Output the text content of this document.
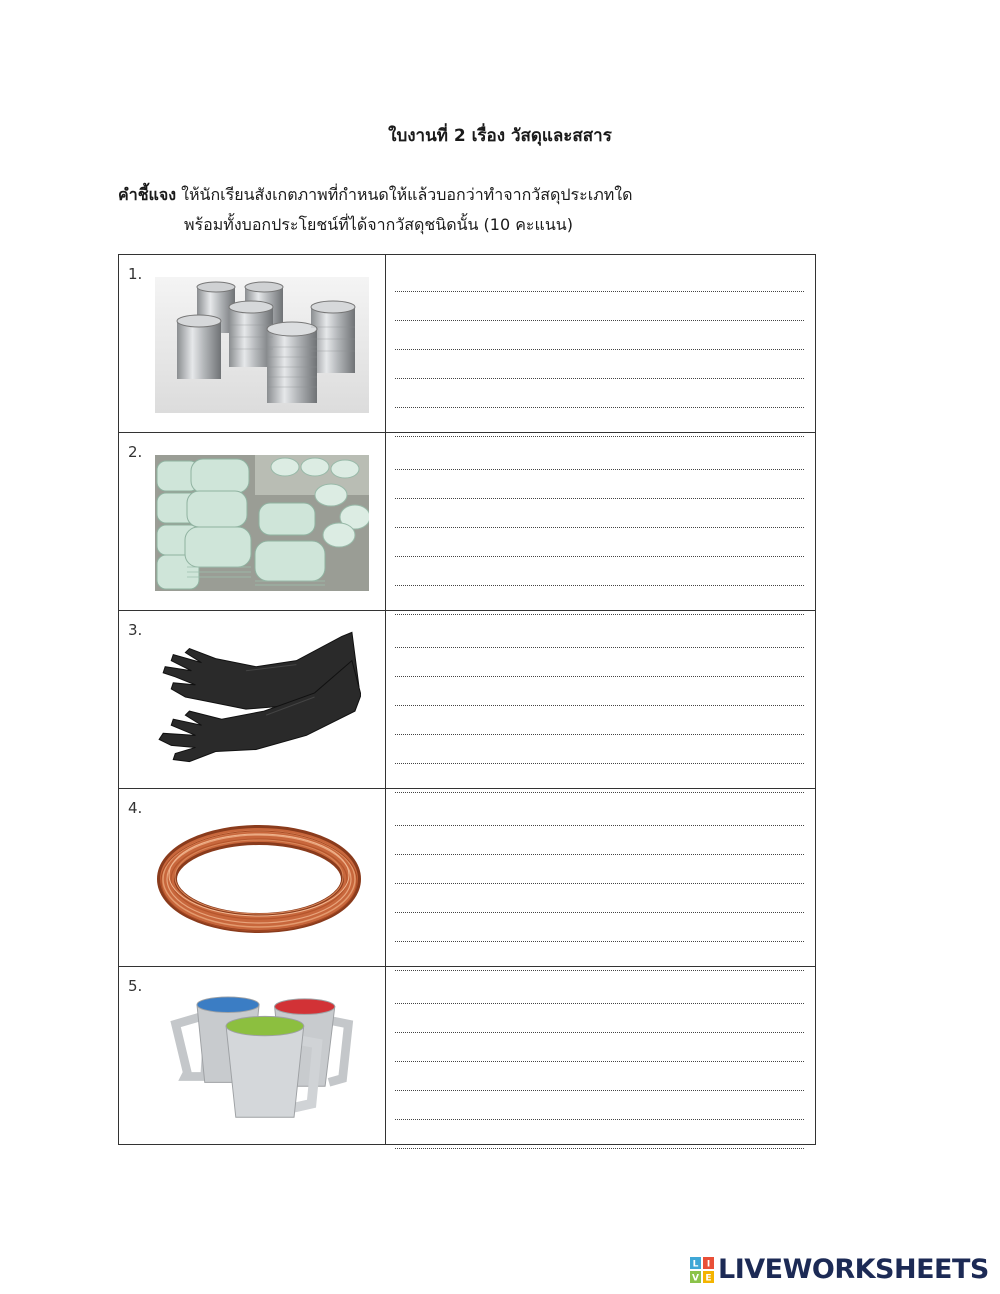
ใบงานที่ 2 เรื่อง วัสดุและสสาร
คำชี้แจง ให้นักเรียนสังเกตภาพที่กำหนดให้แล้วบอกว่าทำจากวัสดุประเภทใด
พร้อมทั้งบอกประโยชน์ที่ได้จากวัสดุชนิดนั้น (10 คะแนน)
1.	

2.	

3.	

4.	

5.	

L I
V E LIVEWORKSHEETS
